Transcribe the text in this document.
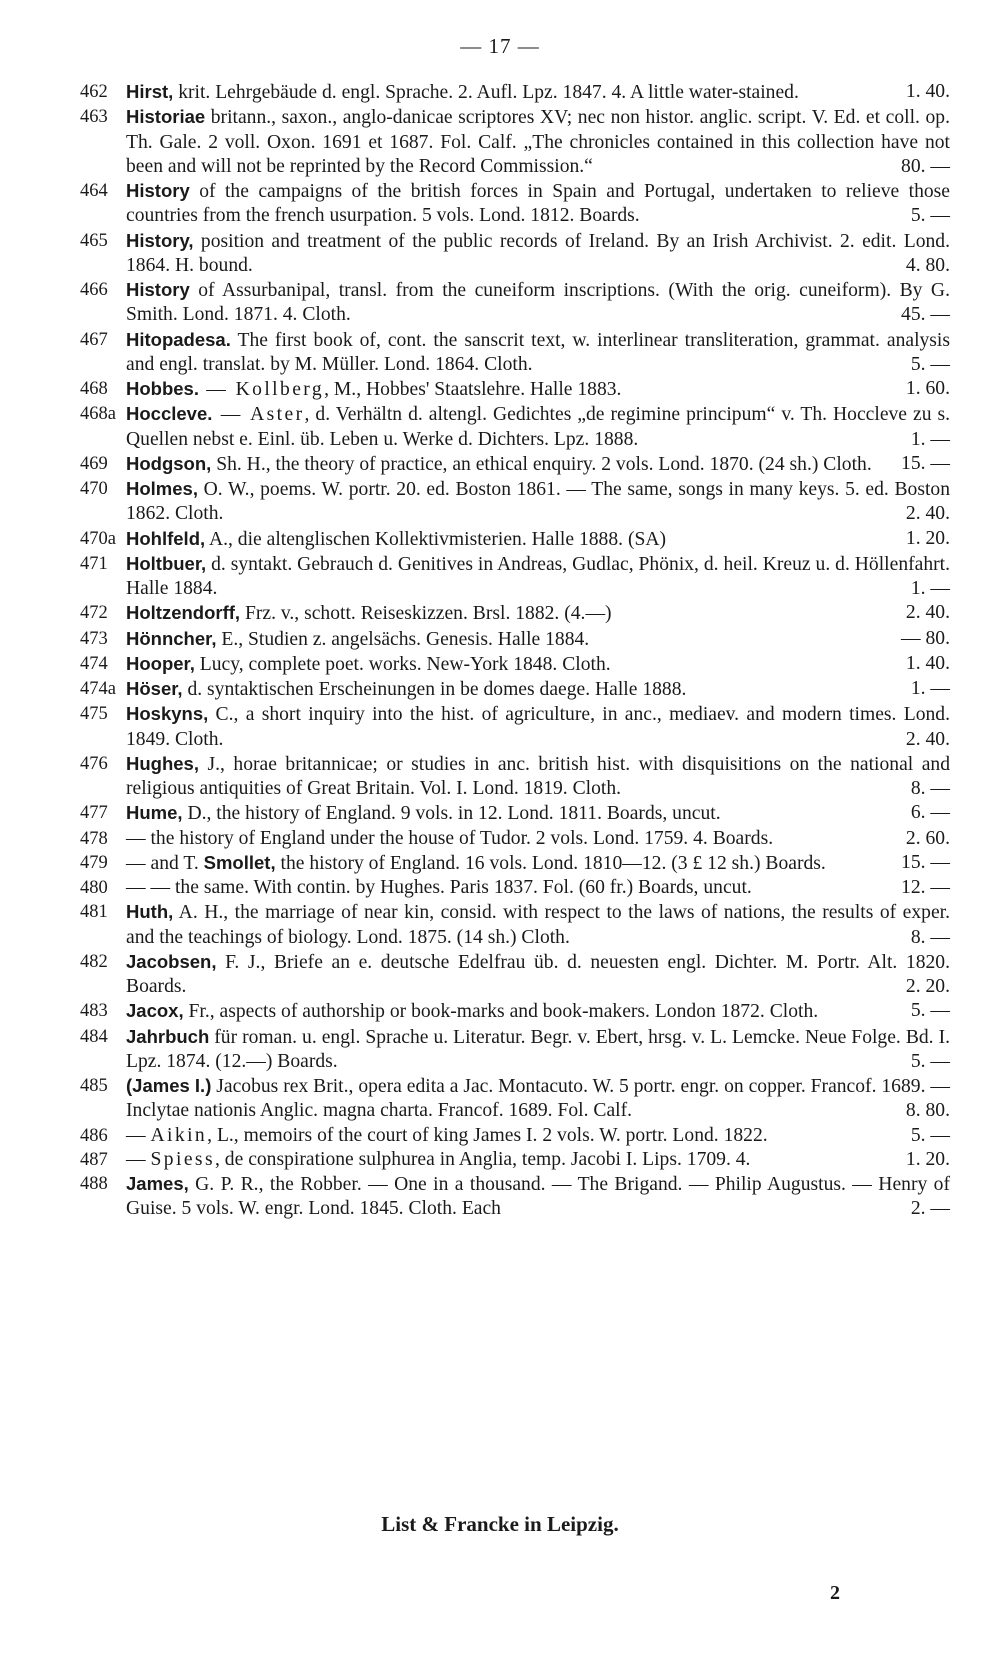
— 17 —
462 Hirst, krit. Lehrgebäude d. engl. Sprache. 2. Aufl. Lpz. 1847. 4. A little water-stained.	1. 40.
463 Historiae britann., saxon., anglo-danicae scriptores XV; nec non histor. anglic. script. V. Ed. et coll. op. Th. Gale. 2 voll. Oxon. 1691 et 1687. Fol. Calf. „The chronicles contained in this collection have not been and will not be reprinted by the Record Commission.“	80. —
464 History of the campaigns of the british forces in Spain and Portugal, undertaken to relieve those countries from the french usurpation. 5 vols. Lond. 1812. Boards.	5. —
465 History, position and treatment of the public records of Ireland. By an Irish Archivist. 2. edit. Lond. 1864. H. bound.	4. 80.
466 History of Assurbanipal, transl. from the cuneiform inscriptions. (With the orig. cuneiform). By G. Smith. Lond. 1871. 4. Cloth.	45. —
467 Hitopadesa. The first book of, cont. the sanscrit text, w. interlinear transliteration, grammat. analysis and engl. translat. by M. Müller. Lond. 1864. Cloth.	5. —
468 Hobbes. — Kollberg, M., Hobbes' Staatslehre. Halle 1883.	1. 60.
468a Hoccleve. — Aster, d. Verhältn d. altengl. Gedichtes „de regimine principum“ v. Th. Hoccleve zu s. Quellen nebst e. Einl. üb. Leben u. Werke d. Dichters. Lpz. 1888.	1. —
469 Hodgson, Sh. H., the theory of practice, an ethical enquiry. 2 vols. Lond. 1870. (24 sh.) Cloth. 15. —
470 Holmes, O. W., poems. W. portr. 20. ed. Boston 1861. — The same, songs in many keys. 5. ed. Boston 1862. Cloth.	2. 40.
470a Hohlfeld, A., die altenglischen Kollektivmisterien. Halle 1888. (SA)	1. 20.
471 Holtbuer, d. syntakt. Gebrauch d. Genitives in Andreas, Gudlac, Phönix, d. heil. Kreuz u. d. Höllenfahrt. Halle 1884.	1. —
472 Holtzendorff, Frz. v., schott. Reiseskizzen. Brsl. 1882. (4.—)	2. 40.
473 Hönncher, E., Studien z. angelsächs. Genesis. Halle 1884.	— 80.
474 Hooper, Lucy, complete poet. works. New-York 1848. Cloth.	1. 40.
474a Höser, d. syntaktischen Erscheinungen in be domes daege. Halle 1888.	1. —
475 Hoskyns, C., a short inquiry into the hist. of agriculture, in anc., mediaev. and modern times. Lond. 1849. Cloth.	2. 40.
476 Hughes, J., horae britannicae; or studies in anc. british hist. with disquisitions on the national and religious antiquities of Great Britain. Vol. I. Lond. 1819. Cloth.	8. —
477 Hume, D., the history of England. 9 vols. in 12. Lond. 1811. Boards, uncut.	6. —
478 — the history of England under the house of Tudor. 2 vols. Lond. 1759. 4. Boards.	2. 60.
479 — and T. Smollet, the history of England. 16 vols. Lond. 1810—12. (3 £ 12 sh.) Boards.	15. —
480 — — the same. With contin. by Hughes. Paris 1837. Fol. (60 fr.) Boards, uncut.	12. —
481 Huth, A. H., the marriage of near kin, consid. with respect to the laws of nations, the results of exper. and the teachings of biology. Lond. 1875. (14 sh.) Cloth.	8. —
482 Jacobsen, F. J., Briefe an e. deutsche Edelfrau üb. d. neuesten engl. Dichter. M. Portr. Alt. 1820. Boards.	2. 20.
483 Jacox, Fr., aspects of authorship or book-marks and book-makers. London 1872. Cloth.	5. —
484 Jahrbuch für roman. u. engl. Sprache u. Literatur. Begr. v. Ebert, hrsg. v. L. Lemcke. Neue Folge. Bd. I. Lpz. 1874. (12.—) Boards.	5. —
485 (James I.) Jacobus rex Brit., opera edita a Jac. Montacuto. W. 5 portr. engr. on copper. Francof. 1689. — Inclytae nationis Anglic. magna charta. Francof. 1689. Fol. Calf.	8. 80.
486 — Aikin, L., memoirs of the court of king James I. 2 vols. W. portr. Lond. 1822.	5. —
487 — Spiess, de conspiratione sulphurea in Anglia, temp. Jacobi I. Lips. 1709. 4.	1. 20.
488 James, G. P. R., the Robber. — One in a thousand. — The Brigand. — Philip Augustus. — Henry of Guise. 5 vols. W. engr. Lond. 1845. Cloth. Each	2. —
List & Francke in Leipzig.
2
